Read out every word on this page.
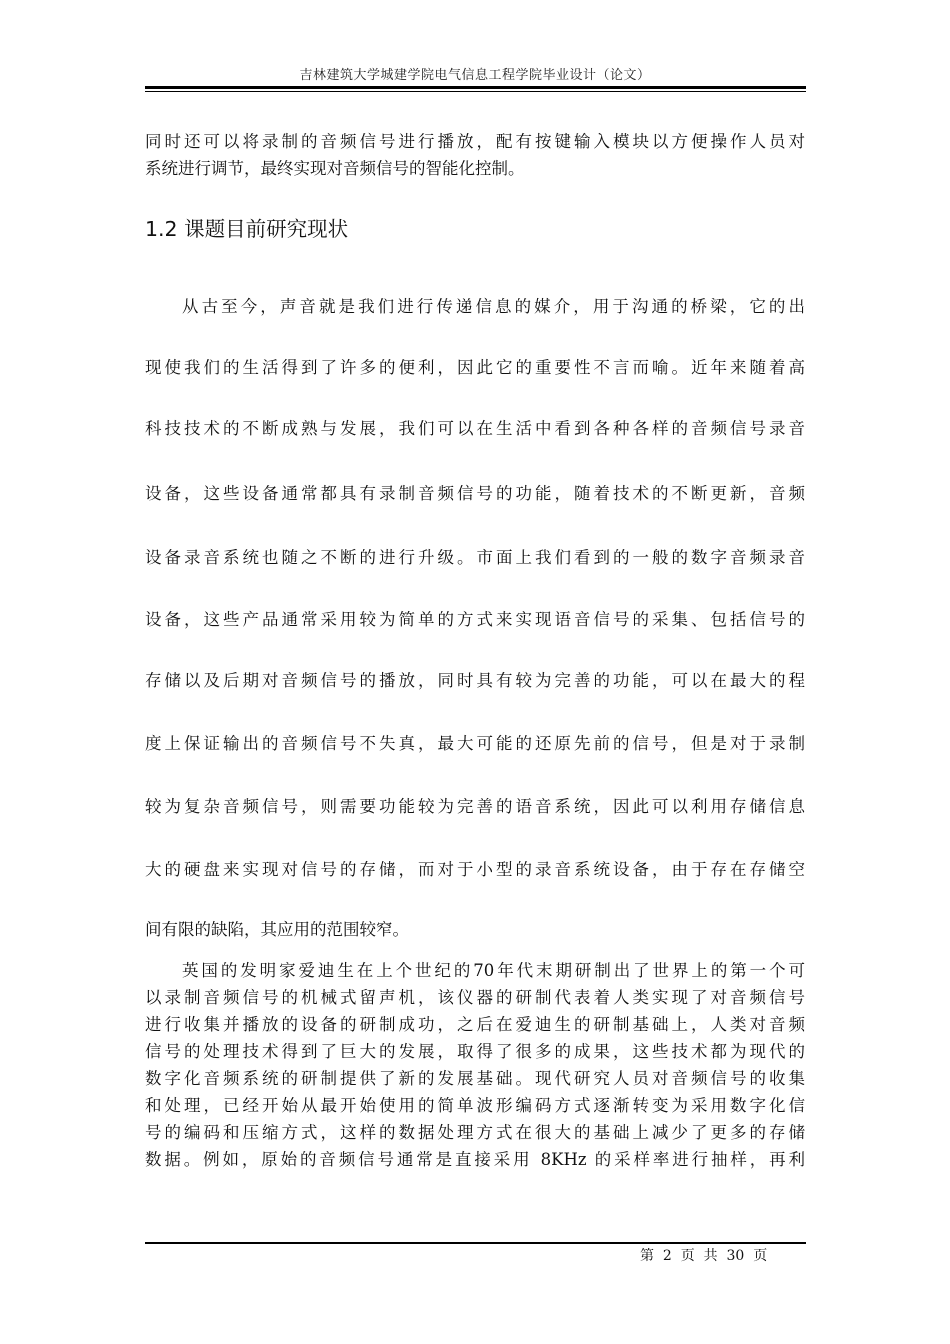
吉林建筑大学城建学院电气信息工程学院毕业设计（论文）
同时还可以将录制的音频信号进行播放，配有按键输入模块以方便操作人员对
系统进行调节，最终实现对音频信号的智能化控制。
1.2 课题目前研究现状
从古至今，声音就是我们进行传递信息的媒介，用于沟通的桥梁，它的出
现使我们的生活得到了许多的便利，因此它的重要性不言而喻。近年来随着高
科技技术的不断成熟与发展，我们可以在生活中看到各种各样的音频信号录音
设备，这些设备通常都具有录制音频信号的功能，随着技术的不断更新，音频
设备录音系统也随之不断的进行升级。市面上我们看到的一般的数字音频录音
设备，这些产品通常采用较为简单的方式来实现语音信号的采集、包括信号的
存储以及后期对音频信号的播放，同时具有较为完善的功能，可以在最大的程
度上保证输出的音频信号不失真，最大可能的还原先前的信号，但是对于录制
较为复杂音频信号，则需要功能较为完善的语音系统，因此可以利用存储信息
大的硬盘来实现对信号的存储，而对于小型的录音系统设备，由于存在存储空
间有限的缺陷，其应用的范围较窄。
英国的发明家爱迪生在上个世纪的70年代末期研制出了世界上的第一个可
以录制音频信号的机械式留声机，该仪器的研制代表着人类实现了对音频信号
进行收集并播放的设备的研制成功，之后在爱迪生的研制基础上，人类对音频
信号的处理技术得到了巨大的发展，取得了很多的成果，这些技术都为现代的
数字化音频系统的研制提供了新的发展基础。现代研究人员对音频信号的收集
和处理，已经开始从最开始使用的简单波形编码方式逐渐转变为采用数字化信
号的编码和压缩方式，这样的数据处理方式在很大的基础上减少了更多的存储
数据。例如，原始的音频信号通常是直接采用 8KHz 的采样率进行抽样，再利
第  2  页  共  30  页
